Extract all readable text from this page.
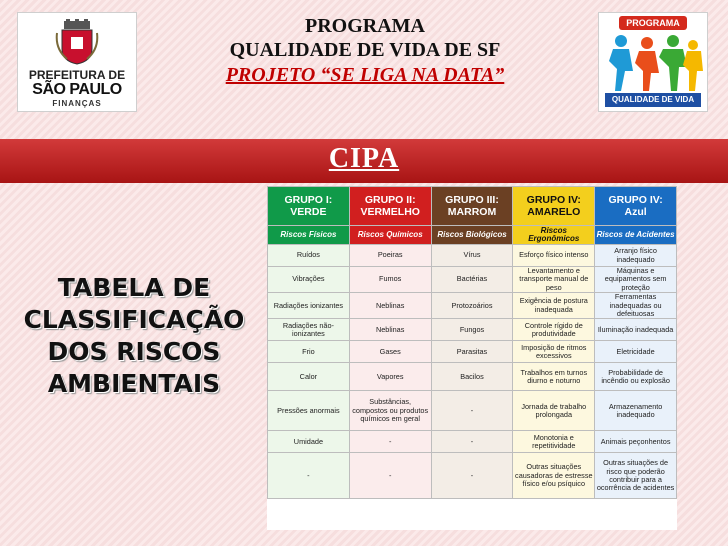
PREFEITURA DE
SÃO PAULO
FINANÇAS
PROGRAMA
QUALIDADE DE VIDA DE SF
PROJETO “SE LIGA NA DATA”
PROGRAMA
QUALIDADE DE VIDA
CIPA
TABELA DE
CLASSIFICAÇÃO
DOS RISCOS
AMBIENTAIS
GRUPO I: VERDE	GRUPO II: VERMELHO	GRUPO III: MARROM	GRUPO IV: AMARELO	GRUPO IV: Azul
Riscos Físicos	Riscos Químicos	Riscos Biológicos	Riscos Ergonômicos	Riscos de Acidentes
Ruídos	Poeiras	Vírus	Esforço físico intenso	Arranjo físico inadequado
Vibrações	Fumos	Bactérias	Levantamento e transporte manual de peso	Máquinas e equipamentos sem proteção
Radiações ionizantes	Neblinas	Protozoários	Exigência de postura inadequada	Ferramentas inadequadas ou defeituosas
Radiações não-ionizantes	Neblinas	Fungos	Controle rígido de produtividade	Iluminação inadequada
Frio	Gases	Parasitas	Imposição de ritmos excessivos	Eletricidade
Calor	Vapores	Bacilos	Trabalhos em turnos diurno e noturno	Probabilidade de incêndio ou explosão
Pressões anormais	Substâncias, compostos ou produtos químicos em geral	-	Jornada de trabalho prolongada	Armazenamento inadequado
Umidade	-	-	Monotonia e repetitividade	Animais peçonhentos
-	-	-	Outras situações causadoras de estresse físico e/ou psíquico	Outras situações de risco que poderão contribuir para a ocorrência de acidentes
